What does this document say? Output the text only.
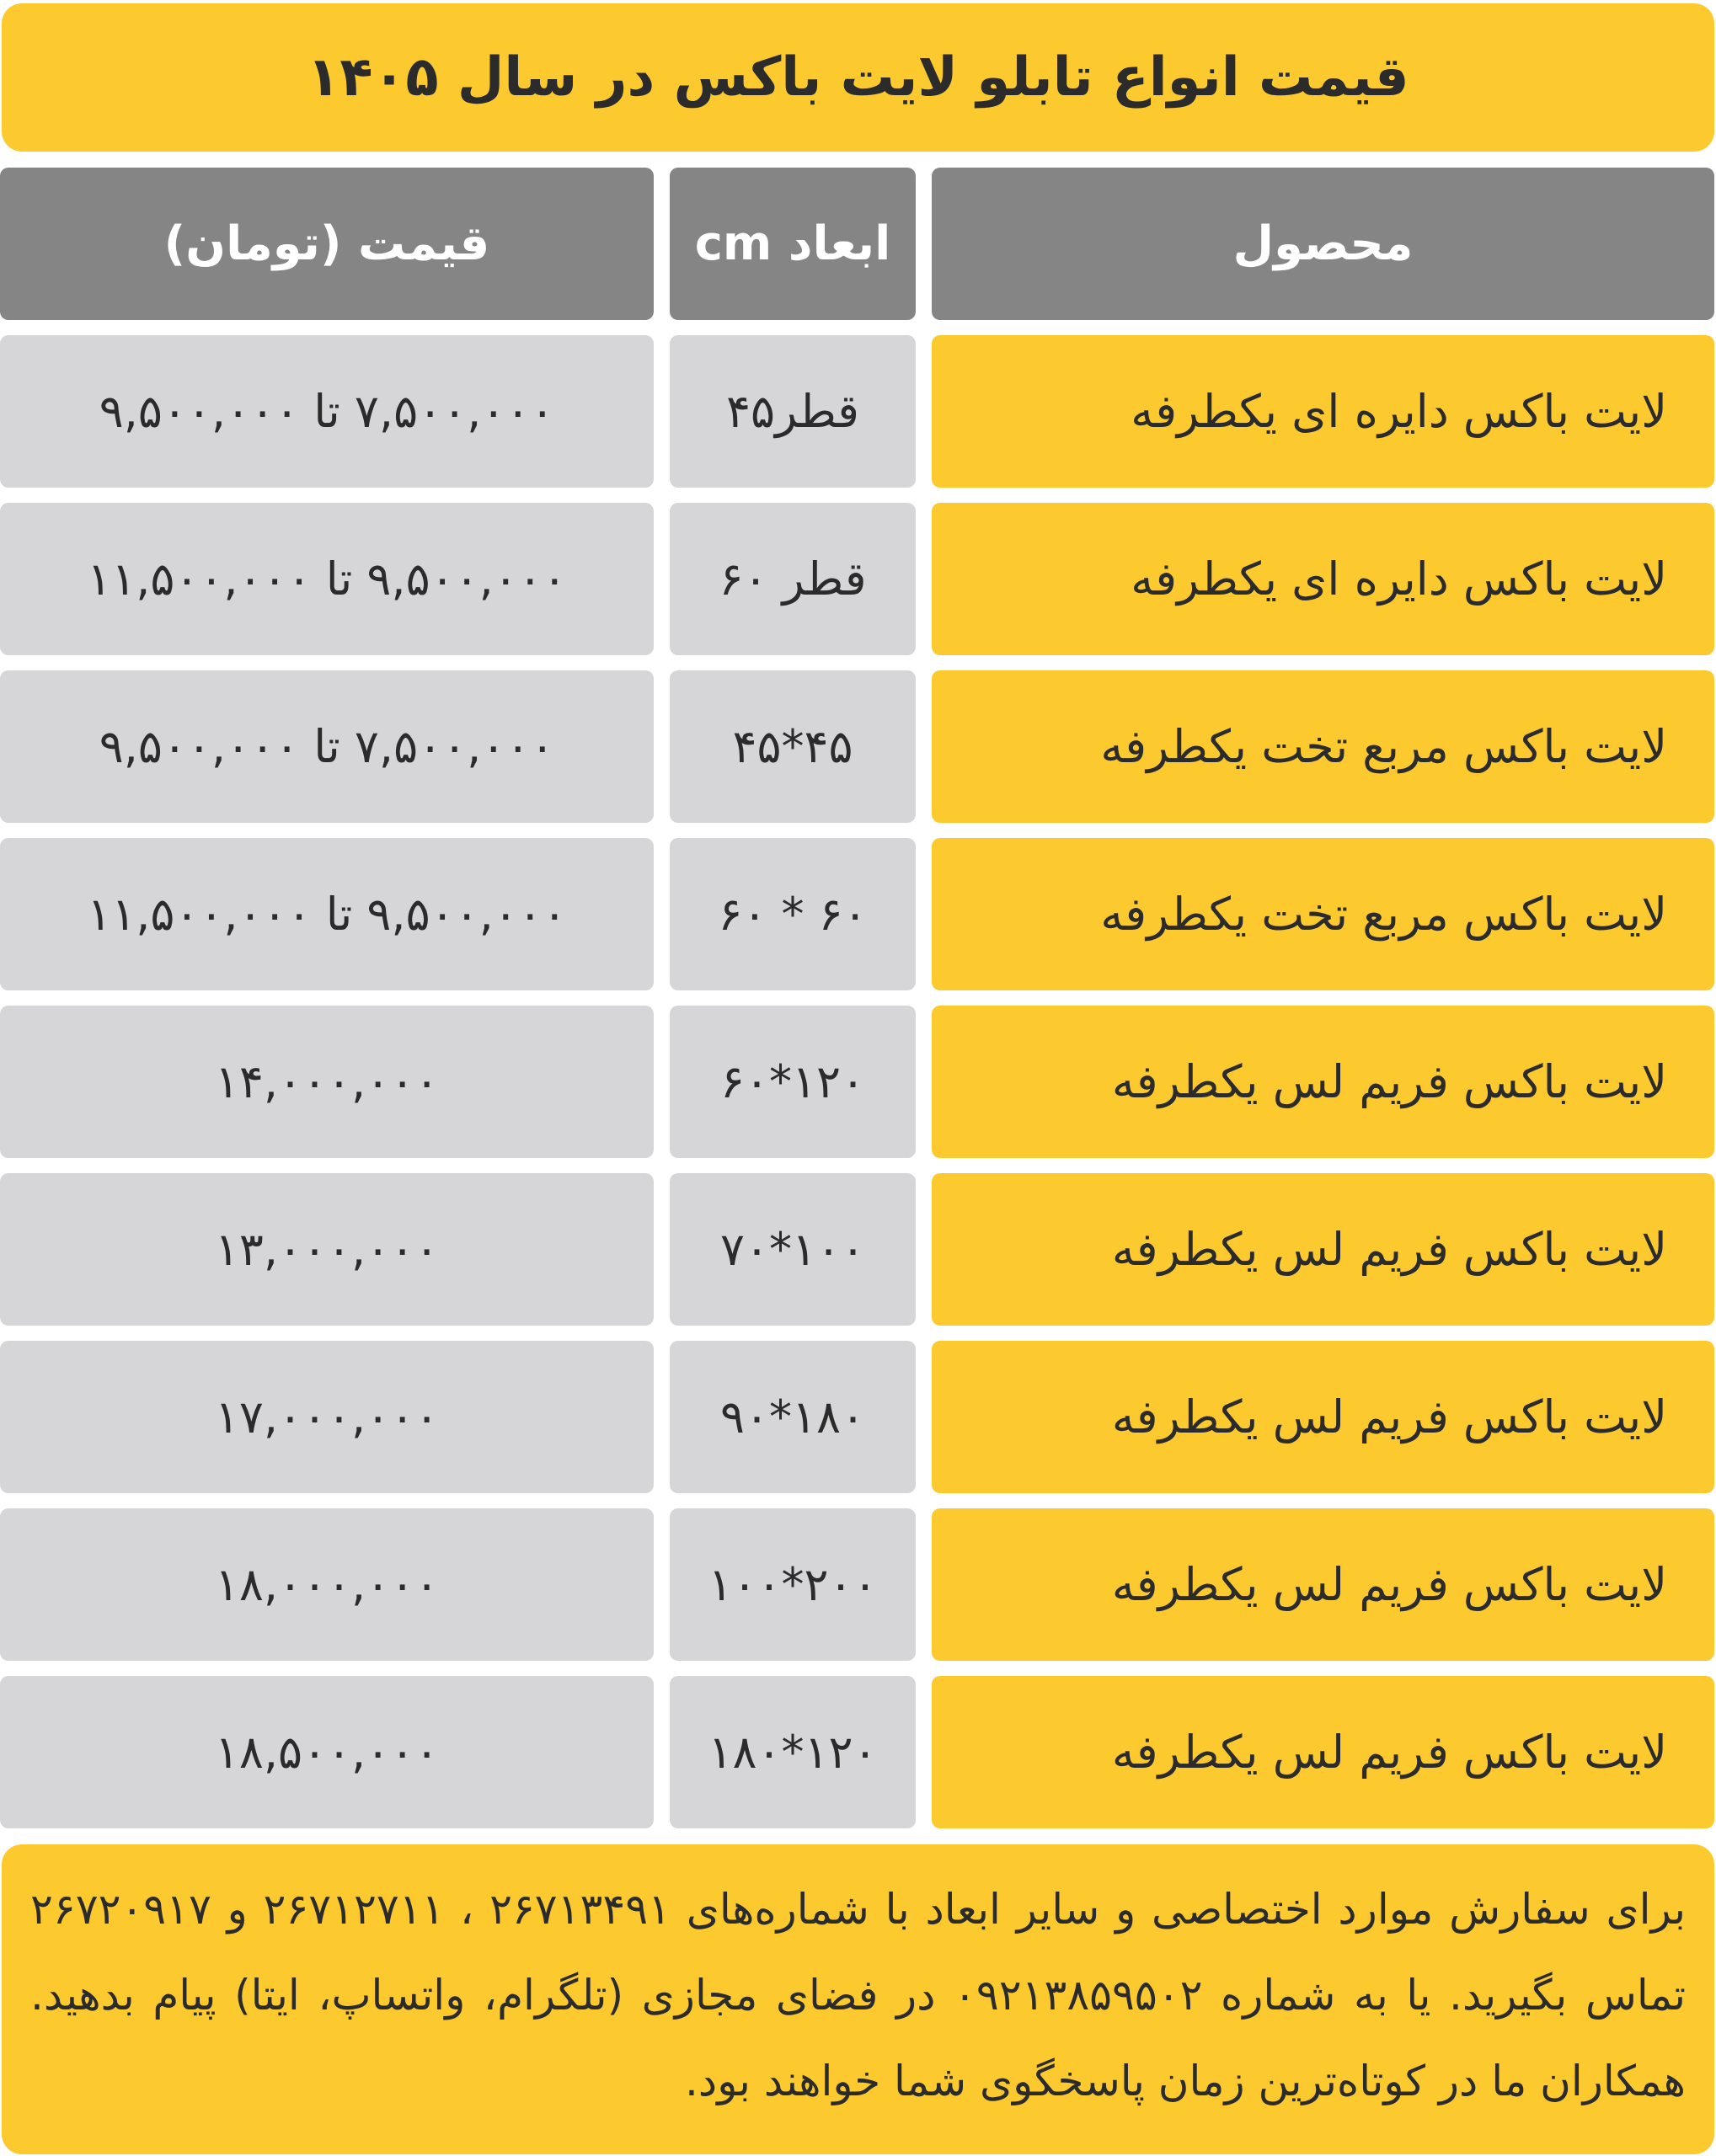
قیمت انواع تابلو لایت باکس در سال ۱۴۰۵
محصول
ابعاد cm
قیمت (تومان)
لایت باکس دایره ای یکطرفه
قطر۴۵
۷,۵۰۰,۰۰۰ تا ۹,۵۰۰,۰۰۰
لایت باکس دایره ای یکطرفه
قطر ۶۰
۹,۵۰۰,۰۰۰ تا ۱۱,۵۰۰,۰۰۰
لایت باکس مربع تخت یکطرفه
۴۵*۴۵
۷,۵۰۰,۰۰۰ تا ۹,۵۰۰,۰۰۰
لایت باکس مربع تخت یکطرفه
۶۰ * ۶۰
۹,۵۰۰,۰۰۰ تا ۱۱,۵۰۰,۰۰۰
لایت باکس فریم لس یکطرفه
۱۲۰*۶۰
۱۴,۰۰۰,۰۰۰
لایت باکس فریم لس یکطرفه
۱۰۰*۷۰
۱۳,۰۰۰,۰۰۰
لایت باکس فریم لس یکطرفه
۱۸۰*۹۰
۱۷,۰۰۰,۰۰۰
لایت باکس فریم لس یکطرفه
۲۰۰*۱۰۰
۱۸,۰۰۰,۰۰۰
لایت باکس فریم لس یکطرفه
۱۲۰*۱۸۰
۱۸,۵۰۰,۰۰۰
برای سفارش موارد اختصاصی و سایر ابعاد با شماره‌های ۲۶۷۱۳۴۹۱ ، ۲۶۷۱۲۷۱۱ و ۲۶۷۲۰۹۱۷ تماس بگیرید. یا به شماره ۰۹۲۱۳۸۵۹۵۰۲ در فضای مجازی (تلگرام، واتساپ، ایتا) پیام بدهید. همکاران ما در کوتاه‌ترین زمان پاسخگوی شما خواهند بود.
